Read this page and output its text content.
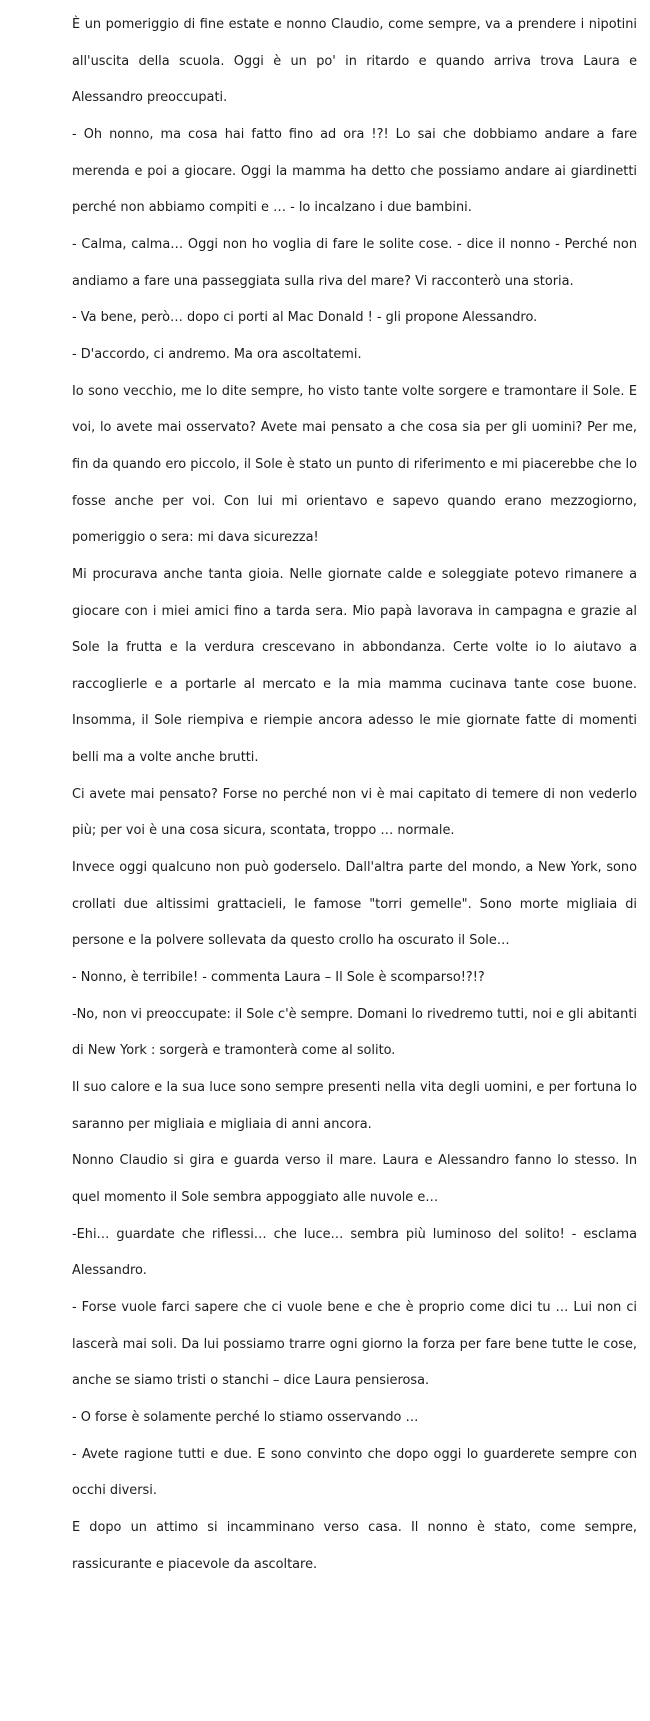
È un pomeriggio di fine estate e nonno Claudio, come sempre, va a prendere i nipotini all'uscita della scuola. Oggi è un po' in ritardo e quando arriva trova Laura e Alessandro preoccupati.

- Oh nonno, ma cosa hai fatto fino ad ora !?! Lo sai che dobbiamo andare a fare merenda e poi a giocare. Oggi la mamma ha detto che possiamo andare ai giardinetti perché non abbiamo compiti e … - lo incalzano i due bambini.

- Calma, calma… Oggi non ho voglia di fare le solite cose. - dice il nonno - Perché non andiamo a fare una passeggiata sulla riva del mare? Vi racconterò una storia.

- Va bene, però… dopo ci porti al Mac Donald ! - gli propone Alessandro.

- D'accordo, ci andremo. Ma ora ascoltatemi.

Io sono vecchio, me lo dite sempre, ho visto tante volte sorgere e tramontare il Sole. E voi, lo avete mai osservato? Avete mai pensato a che cosa sia per gli uomini? Per me, fin da quando ero piccolo, il Sole è stato un punto di riferimento e mi piacerebbe che lo fosse anche per voi. Con lui mi orientavo e sapevo quando erano mezzogiorno, pomeriggio o sera: mi dava sicurezza!

Mi procurava anche tanta gioia. Nelle giornate calde e soleggiate potevo rimanere a giocare con i miei amici fino a tarda sera. Mio papà lavorava in campagna e grazie al Sole la frutta e la verdura crescevano in abbondanza. Certe volte io lo aiutavo a raccoglierle e a portarle al mercato e la mia mamma cucinava tante cose buone. Insomma, il Sole riempiva e riempie ancora adesso le mie giornate fatte di momenti belli ma a volte anche brutti.

Ci avete mai pensato? Forse no perché non vi è mai capitato di temere di non vederlo più; per voi è una cosa sicura, scontata, troppo … normale.

Invece oggi qualcuno non può goderselo. Dall'altra parte del mondo, a New York, sono crollati due altissimi grattacieli, le famose "torri gemelle". Sono morte migliaia di persone e la polvere sollevata da questo crollo ha oscurato il Sole…

- Nonno, è terribile! - commenta Laura – Il Sole è scomparso!?!?

-No, non vi preoccupate: il Sole c'è sempre. Domani lo rivedremo tutti, noi e gli abitanti di New York : sorgerà e tramonterà come al solito.

Il suo calore e la sua luce sono sempre presenti nella vita degli uomini, e per fortuna lo saranno per migliaia e migliaia di anni ancora.

Nonno Claudio si gira e guarda verso il mare. Laura e Alessandro fanno lo stesso. In quel momento il Sole sembra appoggiato alle nuvole e…

-Ehi… guardate che riflessi… che luce… sembra più luminoso del solito! - esclama Alessandro.

- Forse vuole farci sapere che ci vuole bene e che è proprio come dici tu … Lui non ci lascerà mai soli. Da lui possiamo trarre ogni giorno la forza per fare bene tutte le cose, anche se siamo tristi o stanchi – dice Laura pensierosa.

- O forse è solamente perché lo stiamo osservando …

- Avete ragione tutti e due. E sono convinto che dopo oggi lo guarderete sempre con occhi diversi.

E dopo un attimo si incamminano verso casa. Il nonno è stato, come sempre, rassicurante e piacevole da ascoltare.
